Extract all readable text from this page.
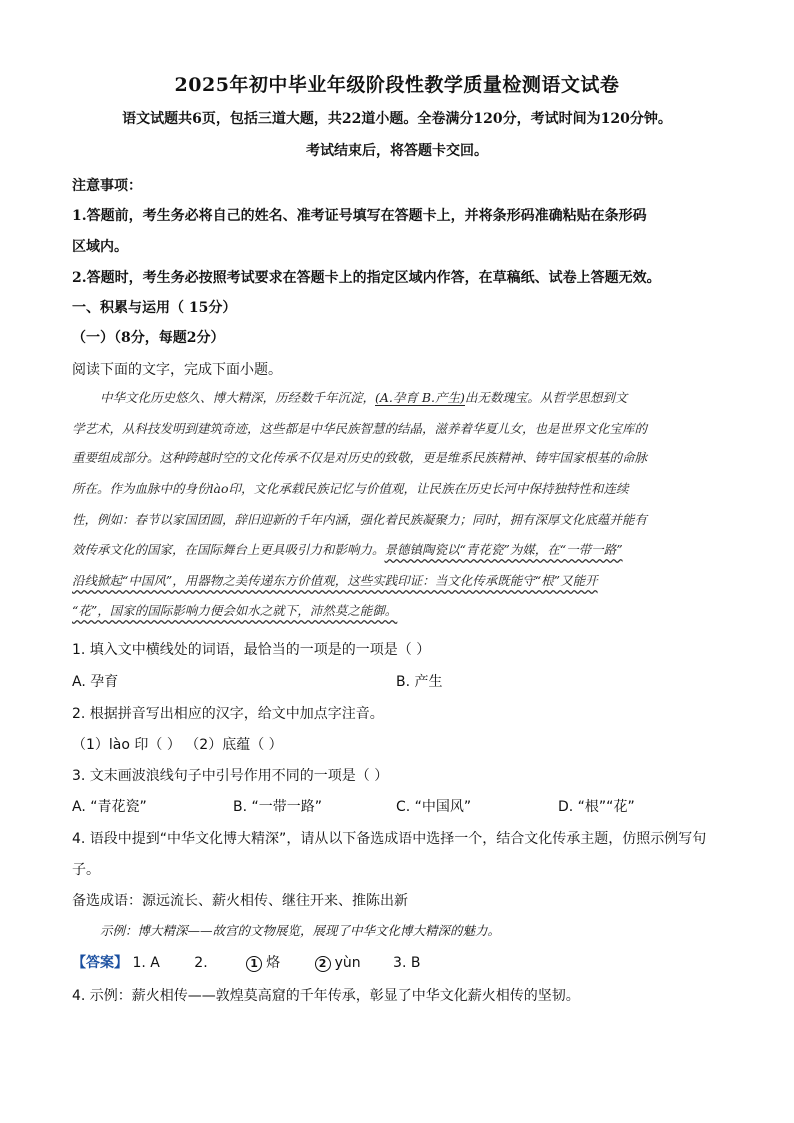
2025年初中毕业年级阶段性教学质量检测语文试卷
语文试题共6页，包括三道大题，共22道小题。全卷满分120分，考试时间为120分钟。
考试结束后，将答题卡交回。
注意事项：
1.答题前，考生务必将自己的姓名、准考证号填写在答题卡上，并将条形码准确粘贴在条形码
区域内。
2.答题时，考生务必按照考试要求在答题卡上的指定区域内作答，在草稿纸、试卷上答题无效。
一、积累与运用（ 15分）
（一）（8分，每题2分）
阅读下面的文字，完成下面小题。
中华文化历史悠久、博大精深，历经数千年沉淀，(A.孕育 B.产生)出无数瑰宝。从哲学思想到文
学艺术，从科技发明到建筑奇迹，这些都是中华民族智慧的结晶，滋养着华夏儿女，也是世界文化宝库的
重要组成部分。这种跨越时空的文化传承不仅是对历史的致敬，更是维系民族精神、铸牢国家根基的命脉
所在。作为血脉中的身份lào印，文化承载民族记忆与价值观，让民族在历史长河中保持独特性和连续
性，例如：春节以家国团圆，辞旧迎新的千年内涵，强化着民族凝聚力；同时，拥有深厚文化底蕴并能有
效传承文化的国家，在国际舞台上更具吸引力和影响力。景德镇陶瓷以“青花瓷”为媒，在“一带一路”
沿线掀起“中国风”，用器物之美传递东方价值观，这些实践印证：当文化传承既能守“根”又能开
“花”，国家的国际影响力便会如水之就下，沛然莫之能御。
1. 填入文中横线处的词语，最恰当的一项是的一项是（ ）
A. 孕育	B. 产生
2. 根据拼音写出相应的汉字，给文中加点字注音。
（1）lào 印（ ） （2）底蕴（ ）
3. 文末画波浪线句子中引号作用不同的一项是（ ）
A. “青花瓷”	B. “一带一路”	C. “中国风”	D. “根”“花”
4. 语段中提到“中华文化博大精深”，请从以下备选成语中选择一个，结合文化传承主题，仿照示例写句
子。
备选成语：源远流长、薪火相传、继往开来、推陈出新
示例：博大精深——故宫的文物展览，展现了中华文化博大精深的魅力。
【答案】 1. A 2.	1 烙	2 yùn 3. B
4. 示例：薪火相传——敦煌莫高窟的千年传承，彰显了中华文化薪火相传的坚韧。
